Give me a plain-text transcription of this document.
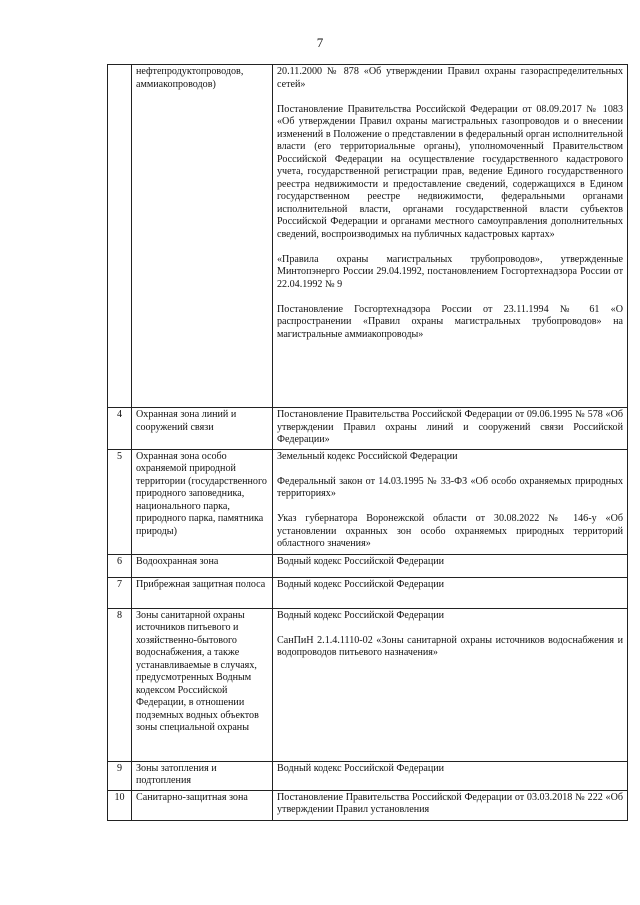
7
	нефтепродуктопроводов, аммиакопроводов)	20.11.2000 № 878 «Об утверждении Правил охраны газораспределительных сетей»

Постановление Правительства Российской Федерации от 08.09.2017 № 1083 «Об утверждении Правил охраны магистральных газопроводов и о внесении изменений в Положение о представлении в федеральный орган исполнительной власти (его территориальные органы), уполномоченный Правительством Российской Федерации на осуществление государственного кадастрового учета, государственной регистрации прав, ведение Единого государственного реестра недвижимости и предоставление сведений, содержащихся в Едином государственном реестре недвижимости, федеральными органами исполнительной власти, органами государственной власти субъектов Российской Федерации и органами местного самоуправления дополнительных сведений, воспроизводимых на публичных кадастровых картах»

«Правила охраны магистральных трубопроводов», утвержденные Минтопэнерго России 29.04.1992, постановлением Госгортехнадзора России от 22.04.1992 № 9

Постановление Госгортехнадзора России от 23.11.1994 № 61 «О распространении «Правил охраны магистральных трубопроводов» на магистральные аммиакопроводы»

4	Охранная зона линий и сооружений связи	Постановление Правительства Российской Федерации от 09.06.1995 № 578 «Об утверждении Правил охраны линий и сооружений связи Российской Федерации»

5	Охранная зона особо охраняемой природной территории (государственного природного заповедника, национального парка, природного парка, памятника природы)	Земельный кодекс Российской Федерации

Федеральный закон от 14.03.1995 № 33-ФЗ «Об особо охраняемых природных территориях»

Указ губернатора Воронежской области от 30.08.2022 № 146-у «Об установлении охранных зон особо охраняемых природных территорий областного значения»

6	Водоохранная зона	Водный кодекс Российской Федерации

7	Прибрежная защитная полоса	Водный кодекс Российской Федерации

8	Зоны санитарной охраны источников питьевого и хозяйственно-бытового водоснабжения, а также устанавливаемые в случаях, предусмотренных Водным кодексом Российской Федерации, в отношении подземных водных объектов зоны специальной охраны	Водный кодекс Российской Федерации

СанПиН 2.1.4.1110-02 «Зоны санитарной охраны источников водоснабжения и водопроводов питьевого назначения»

9	Зоны затопления и подтопления	Водный кодекс Российской Федерации

10	Санитарно-защитная зона	Постановление Правительства Российской Федерации от 03.03.2018 № 222 «Об утверждении Правил установления
